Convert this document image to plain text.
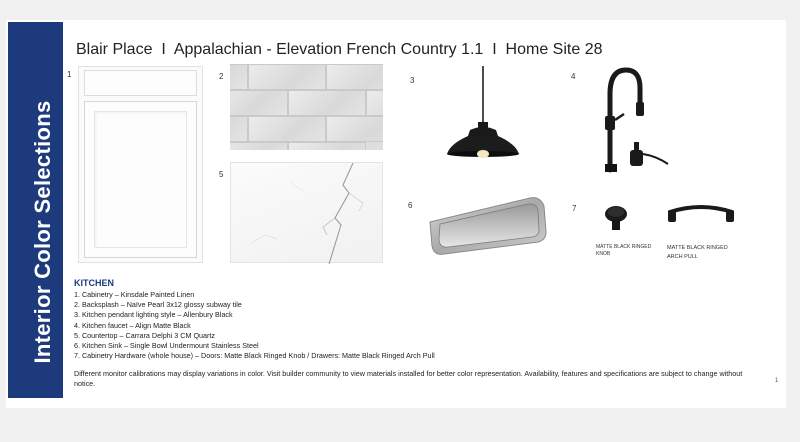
Interior Color Selections
Blair Place  I  Appalachian - Elevation French Country 1.1  I  Home Site 28
1	2
5
3	4
6	7
MATTE BLACK RINGED
KNOB
MATTE BLACK RINGED
ARCH PULL
KITCHEN
1. Cabinetry – Kinsdale Painted Linen
2. Backsplash – Naïve Pearl 3x12 glossy subway tile
3. Kitchen pendant lighting style – Allenbury Black
4. Kitchen faucet – Align Matte Black
5. Countertop – Carrara Delphi 3 CM Quartz
6. Kitchen Sink – Single Bowl Undermount Stainless Steel
7. Cabinetry Hardware (whole house) – Doors: Matte Black Ringed Knob / Drawers: Matte Black Ringed Arch Pull
Different monitor calibrations may display variations in color. Visit builder community to view materials installed for better color representation. Availability, features and specifications are subject to change without notice.	1
